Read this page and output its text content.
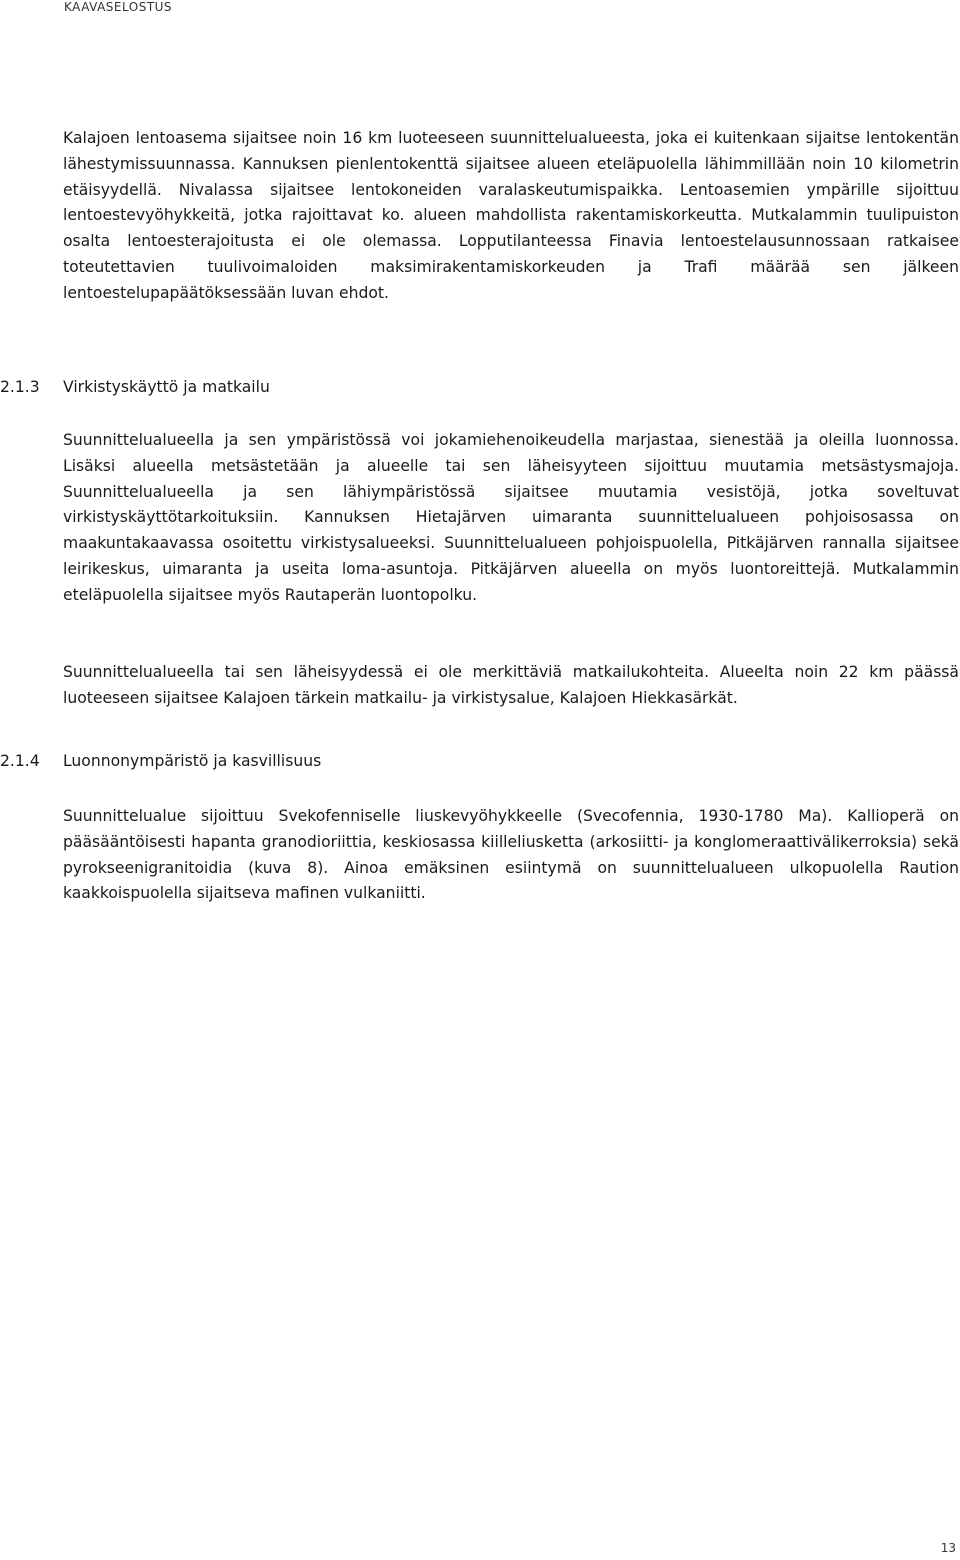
KAAVASELOSTUS

Kalajoen lentoasema sijaitsee noin 16 km luoteeseen suunnittelualueesta, joka ei kuitenkaan sijaitse lentokentän lähestymissuunnassa. Kannuksen pienlentokenttä sijaitsee alueen eteläpuolella lähimmillään noin 10 kilometrin etäisyydellä. Nivalassa sijaitsee lentokoneiden varalaskeutumispaikka. Lentoasemien ympärille sijoittuu lentoestevyöhykkeitä, jotka rajoittavat ko. alueen mahdollista rakentamiskorkeutta. Mutkalammin tuulipuiston osalta lentoesterajoitusta ei ole olemassa. Lopputilanteessa Finavia lentoestelausunnossaan ratkaisee toteutettavien tuulivoimaloiden maksimirakentamiskorkeuden ja Trafi määrää sen jälkeen lentoestelupapäätöksessään luvan ehdot.

2.1.3	Virkistyskäyttö ja matkailu

Suunnittelualueella ja sen ympäristössä voi jokamiehenoikeudella marjastaa, sienestää ja oleilla luonnossa. Lisäksi alueella metsästetään ja alueelle tai sen läheisyyteen sijoittuu muutamia metsästysmajoja. Suunnittelualueella ja sen lähiympäristössä sijaitsee muutamia vesistöjä, jotka soveltuvat virkistyskäyttötarkoituksiin. Kannuksen Hietajärven uimaranta suunnittelualueen pohjoisosassa on maakuntakaavassa osoitettu virkistysalueeksi. Suunnittelualueen pohjoispuolella, Pitkäjärven rannalla sijaitsee leirikeskus, uimaranta ja useita loma-asuntoja. Pitkäjärven alueella on myös luontoreittejä. Mutkalammin eteläpuolella sijaitsee myös Rautaperän luontopolku.

Suunnittelualueella tai sen läheisyydessä ei ole merkittäviä matkailukohteita. Alueelta noin 22 km päässä luoteeseen sijaitsee Kalajoen tärkein matkailu- ja virkistysalue, Kalajoen Hiekkasärkät.

2.1.4	Luonnonympäristö ja kasvillisuus

Suunnittelualue sijoittuu Svekofenniselle liuskevyöhykkeelle (Svecofennia, 1930-1780 Ma). Kallioperä on pääsääntöisesti hapanta granodioriittia, keskiosassa kiilleliusketta (arkosiitti- ja konglomeraattivälikerroksia) sekä pyrokseenigranitoidia (kuva 8). Ainoa emäksinen esiintymä on suunnittelualueen ulkopuolella Raution kaakkoispuolella sijaitseva mafinen vulkaniitti.

13
